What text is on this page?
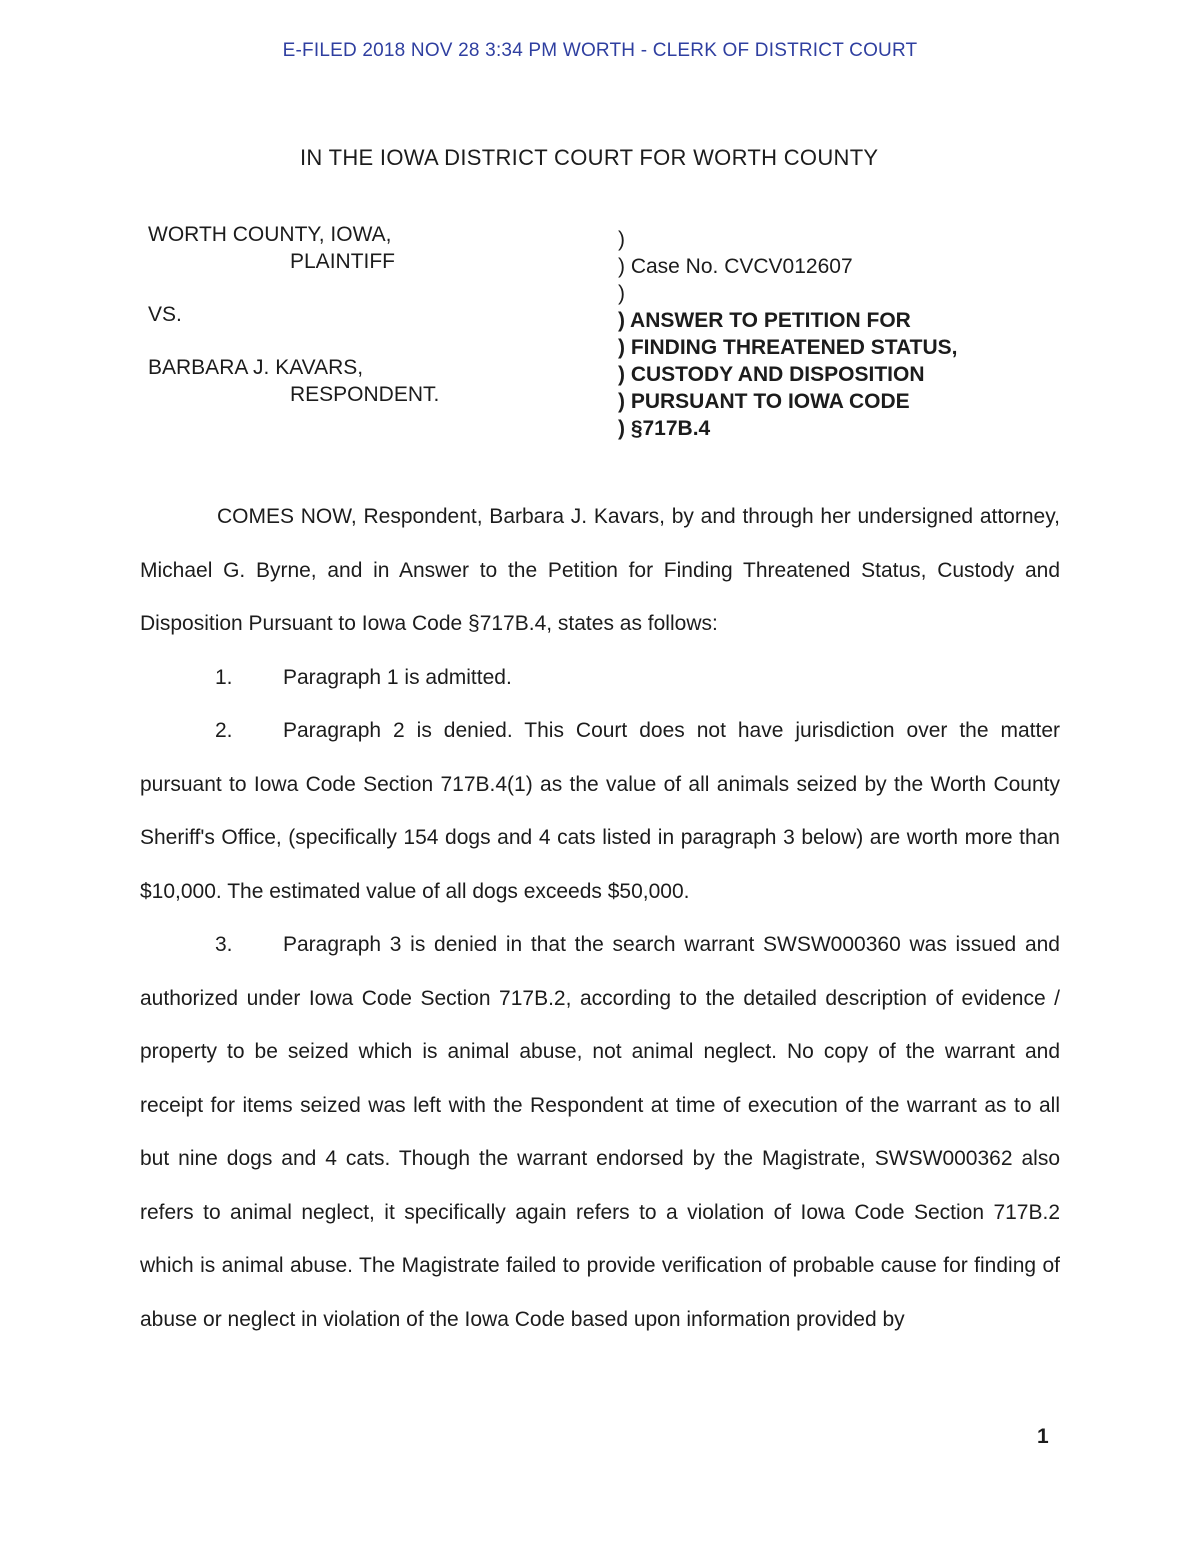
E-FILED 2018 NOV 28 3:34 PM WORTH - CLERK OF DISTRICT COURT
IN THE IOWA DISTRICT COURT FOR WORTH COUNTY
WORTH COUNTY, IOWA,
PLAINTIFF
VS.
BARBARA J. KAVARS,
RESPONDENT.
)
) Case No. CVCV012607
)
) ANSWER TO PETITION FOR
) FINDING THREATENED STATUS,
) CUSTODY AND DISPOSITION
) PURSUANT TO IOWA CODE
) §717B.4

COMES NOW, Respondent, Barbara J. Kavars, by and through her undersigned attorney, Michael G. Byrne, and in Answer to the Petition for Finding Threatened Status, Custody and Disposition Pursuant to Iowa Code §717B.4, states as follows:

1. Paragraph 1 is admitted.

2. Paragraph 2 is denied. This Court does not have jurisdiction over the matter pursuant to Iowa Code Section 717B.4(1) as the value of all animals seized by the Worth County Sheriff's Office, (specifically 154 dogs and 4 cats listed in paragraph 3 below) are worth more than $10,000. The estimated value of all dogs exceeds $50,000.

3. Paragraph 3 is denied in that the search warrant SWSW000360 was issued and authorized under Iowa Code Section 717B.2, according to the detailed description of evidence / property to be seized which is animal abuse, not animal neglect. No copy of the warrant and receipt for items seized was left with the Respondent at time of execution of the warrant as to all but nine dogs and 4 cats. Though the warrant endorsed by the Magistrate, SWSW000362 also refers to animal neglect, it specifically again refers to a violation of Iowa Code Section 717B.2 which is animal abuse. The Magistrate failed to provide verification of probable cause for finding of abuse or neglect in violation of the Iowa Code based upon information provided by

1
